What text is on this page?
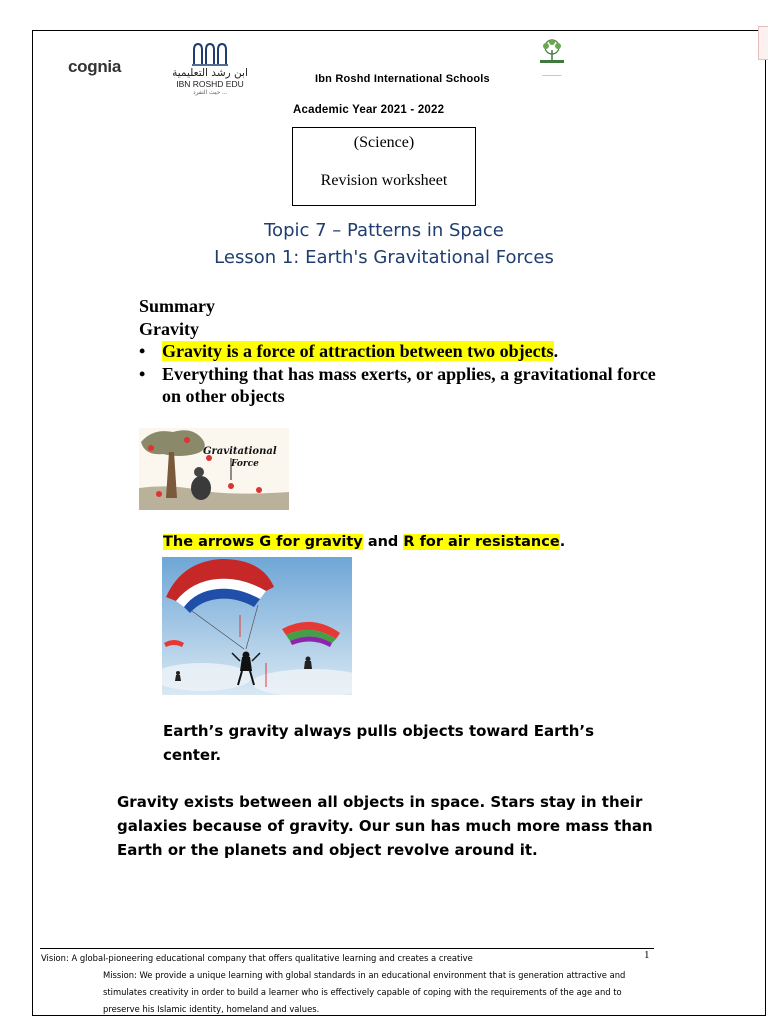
cognia	ابن رشد التعليمية
IBN ROSHD EDU
حيث التفرد ...
──────
Ibn Roshd International Schools
Academic Year 2021 - 2022
(Science)
Revision worksheet
Topic 7 – Patterns in Space
Lesson 1: Earth's Gravitational Forces
Summary
Gravity
• Gravity is a force of attraction between two objects.
• Everything that has mass exerts, or applies, a gravitational force on other objects
Gravitational
Force
The arrows G for gravity and R for air resistance.
Earth’s gravity always pulls objects toward Earth’s center.
Gravity exists between all objects in space. Stars stay in their galaxies because of gravity. Our sun has much more mass than Earth or the planets and object revolve around it.
1
Vision: A global-pioneering educational company that offers qualitative learning and creates a creative
Mission: We provide a unique learning with global standards in an educational environment that is generation attractive and stimulates creativity in order to build a learner who is effectively capable of coping with the requirements of the age and to preserve his Islamic identity, homeland and values.
